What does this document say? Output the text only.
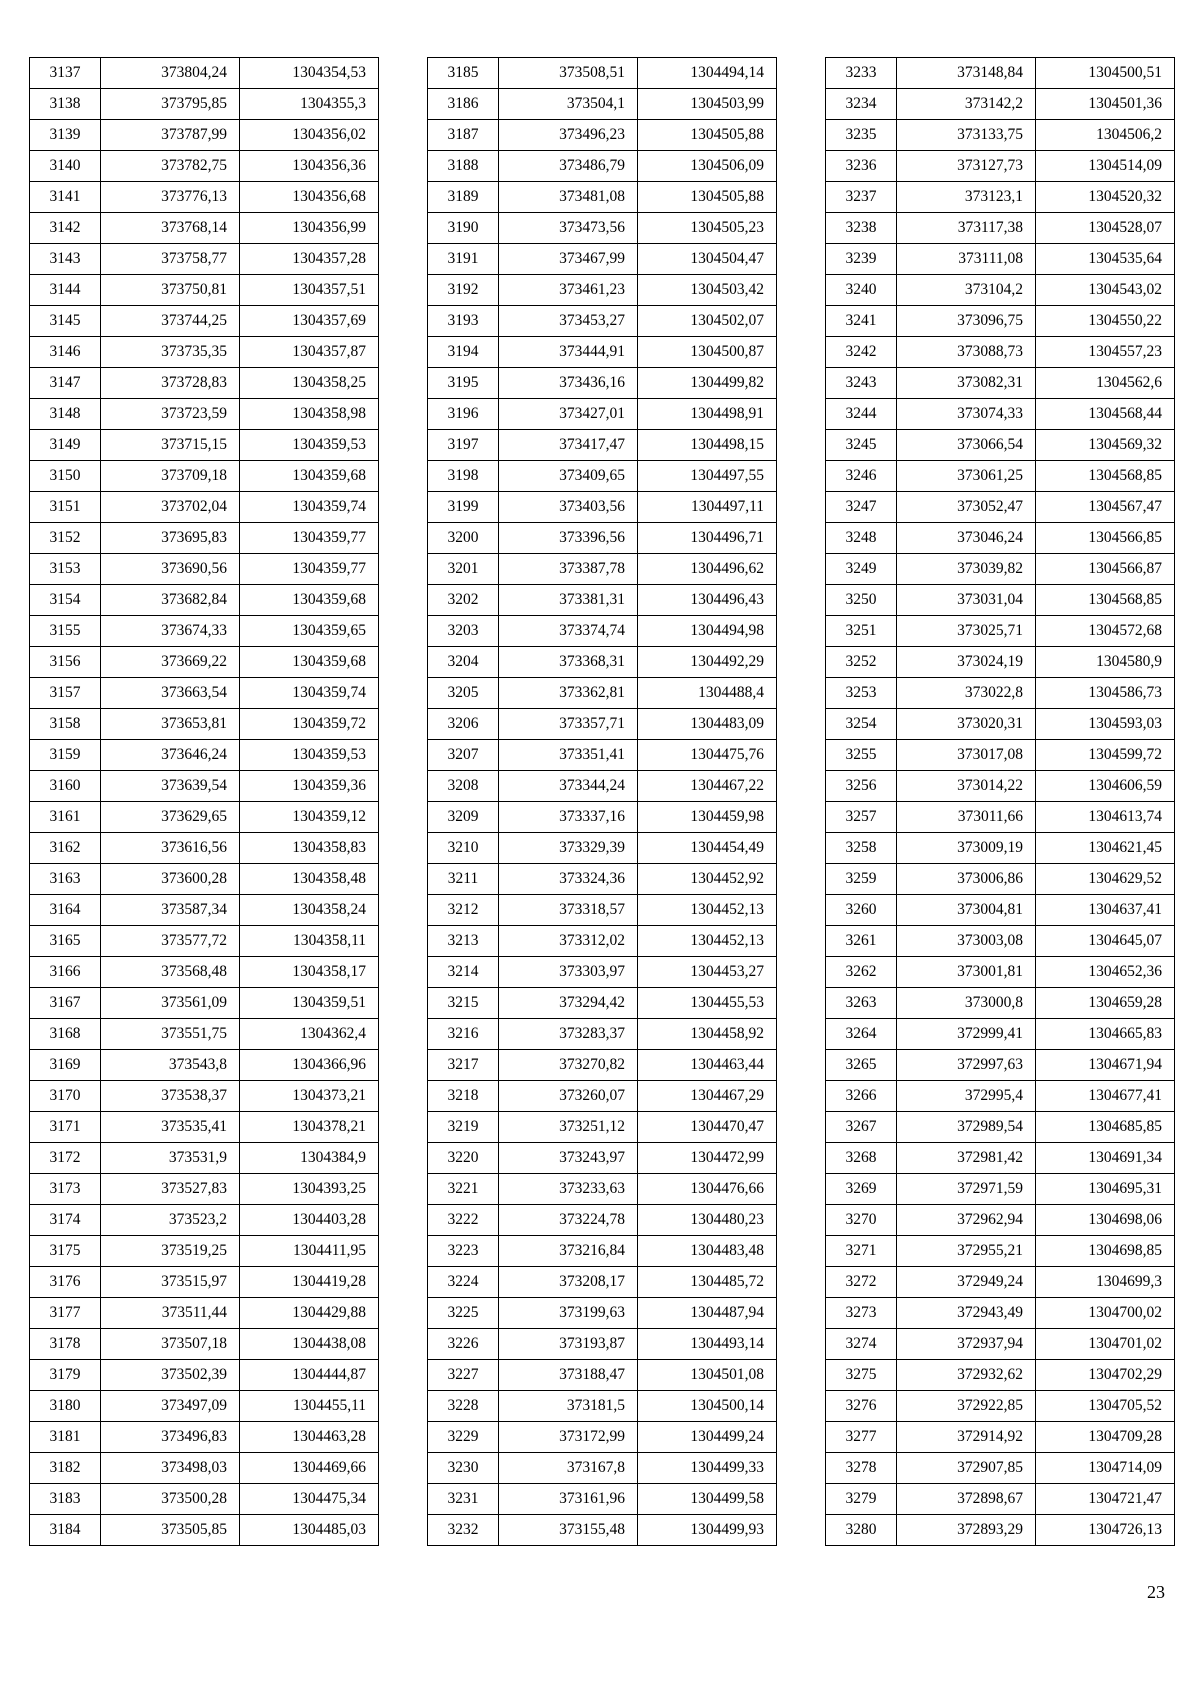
3137	373804,24	1304354,53
3138	373795,85	1304355,3
3139	373787,99	1304356,02
3140	373782,75	1304356,36
3141	373776,13	1304356,68
3142	373768,14	1304356,99
3143	373758,77	1304357,28
3144	373750,81	1304357,51
3145	373744,25	1304357,69
3146	373735,35	1304357,87
3147	373728,83	1304358,25
3148	373723,59	1304358,98
3149	373715,15	1304359,53
3150	373709,18	1304359,68
3151	373702,04	1304359,74
3152	373695,83	1304359,77
3153	373690,56	1304359,77
3154	373682,84	1304359,68
3155	373674,33	1304359,65
3156	373669,22	1304359,68
3157	373663,54	1304359,74
3158	373653,81	1304359,72
3159	373646,24	1304359,53
3160	373639,54	1304359,36
3161	373629,65	1304359,12
3162	373616,56	1304358,83
3163	373600,28	1304358,48
3164	373587,34	1304358,24
3165	373577,72	1304358,11
3166	373568,48	1304358,17
3167	373561,09	1304359,51
3168	373551,75	1304362,4
3169	373543,8	1304366,96
3170	373538,37	1304373,21
3171	373535,41	1304378,21
3172	373531,9	1304384,9
3173	373527,83	1304393,25
3174	373523,2	1304403,28
3175	373519,25	1304411,95
3176	373515,97	1304419,28
3177	373511,44	1304429,88
3178	373507,18	1304438,08
3179	373502,39	1304444,87
3180	373497,09	1304455,11
3181	373496,83	1304463,28
3182	373498,03	1304469,66
3183	373500,28	1304475,34
3184	373505,85	1304485,03
3185	373508,51	1304494,14
3186	373504,1	1304503,99
3187	373496,23	1304505,88
3188	373486,79	1304506,09
3189	373481,08	1304505,88
3190	373473,56	1304505,23
3191	373467,99	1304504,47
3192	373461,23	1304503,42
3193	373453,27	1304502,07
3194	373444,91	1304500,87
3195	373436,16	1304499,82
3196	373427,01	1304498,91
3197	373417,47	1304498,15
3198	373409,65	1304497,55
3199	373403,56	1304497,11
3200	373396,56	1304496,71
3201	373387,78	1304496,62
3202	373381,31	1304496,43
3203	373374,74	1304494,98
3204	373368,31	1304492,29
3205	373362,81	1304488,4
3206	373357,71	1304483,09
3207	373351,41	1304475,76
3208	373344,24	1304467,22
3209	373337,16	1304459,98
3210	373329,39	1304454,49
3211	373324,36	1304452,92
3212	373318,57	1304452,13
3213	373312,02	1304452,13
3214	373303,97	1304453,27
3215	373294,42	1304455,53
3216	373283,37	1304458,92
3217	373270,82	1304463,44
3218	373260,07	1304467,29
3219	373251,12	1304470,47
3220	373243,97	1304472,99
3221	373233,63	1304476,66
3222	373224,78	1304480,23
3223	373216,84	1304483,48
3224	373208,17	1304485,72
3225	373199,63	1304487,94
3226	373193,87	1304493,14
3227	373188,47	1304501,08
3228	373181,5	1304500,14
3229	373172,99	1304499,24
3230	373167,8	1304499,33
3231	373161,96	1304499,58
3232	373155,48	1304499,93
3233	373148,84	1304500,51
3234	373142,2	1304501,36
3235	373133,75	1304506,2
3236	373127,73	1304514,09
3237	373123,1	1304520,32
3238	373117,38	1304528,07
3239	373111,08	1304535,64
3240	373104,2	1304543,02
3241	373096,75	1304550,22
3242	373088,73	1304557,23
3243	373082,31	1304562,6
3244	373074,33	1304568,44
3245	373066,54	1304569,32
3246	373061,25	1304568,85
3247	373052,47	1304567,47
3248	373046,24	1304566,85
3249	373039,82	1304566,87
3250	373031,04	1304568,85
3251	373025,71	1304572,68
3252	373024,19	1304580,9
3253	373022,8	1304586,73
3254	373020,31	1304593,03
3255	373017,08	1304599,72
3256	373014,22	1304606,59
3257	373011,66	1304613,74
3258	373009,19	1304621,45
3259	373006,86	1304629,52
3260	373004,81	1304637,41
3261	373003,08	1304645,07
3262	373001,81	1304652,36
3263	373000,8	1304659,28
3264	372999,41	1304665,83
3265	372997,63	1304671,94
3266	372995,4	1304677,41
3267	372989,54	1304685,85
3268	372981,42	1304691,34
3269	372971,59	1304695,31
3270	372962,94	1304698,06
3271	372955,21	1304698,85
3272	372949,24	1304699,3
3273	372943,49	1304700,02
3274	372937,94	1304701,02
3275	372932,62	1304702,29
3276	372922,85	1304705,52
3277	372914,92	1304709,28
3278	372907,85	1304714,09
3279	372898,67	1304721,47
3280	372893,29	1304726,13
23
